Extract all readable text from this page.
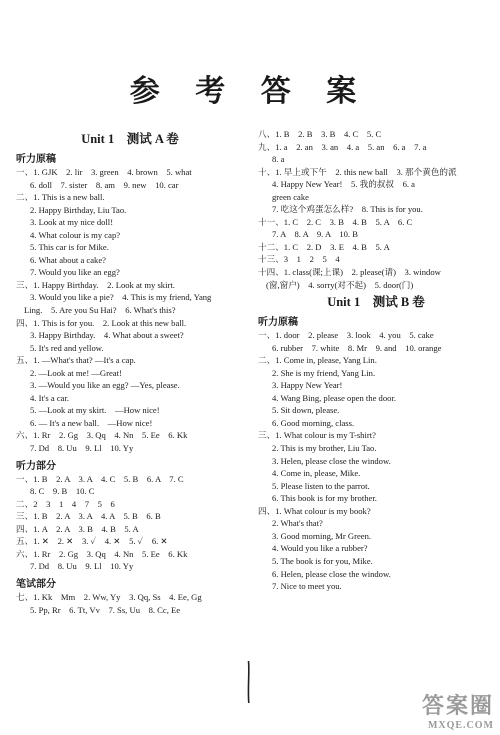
参 考 答 案
Unit 1　测试 A 卷
听力原稿
一、1. GJK　2. lir　3. green　4. brown　5. what
6. doll　7. sister　8. am　9. new　10. car
二、1. This is a new ball.
2. Happy Birthday, Liu Tao.
3. Look at my nice doll!
4. What colour is my cap?
5. This car is for Mike.
6. What about a cake?
7. Would you like an egg?
三、1. Happy Birthday.　2. Look at my skirt.
3. Would you like a pie?　4. This is my friend, Yang
Ling.　5. Are you Su Hai?　6. What's this?
四、1. This is for you.　2. Look at this new ball.
3. Happy Birthday.　4. What about a sweet?
5. It's red and yellow.
五、1. —What's that? —It's a cap.
2. —Look at me! —Great!
3. —Would you like an egg? —Yes, please.
4. It's a car.
5. —Look at my skirt.　—How nice!
6. — It's a new ball.　—How nice!
六、1. Rr　2. Gg　3. Qq　4. Nn　5. Ee　6. Kk
7. Dd　8. Uu　9. Ll　10. Yy
听力部分
一、1. B　2. A　3. A　4. C　5. B　6. A　7. C
8. C　9. B　10. C
二、2　3　1　4　7　5　6
三、1. B　2. A　3. A　4. A　5. B　6. B
四、1. A　2. A　3. B　4. B　5. A
五、1. ✕　2. ✕　3. ✓　4. ✕　5. ✓　6. ✕
六、1. Rr　2. Gg　3. Qq　4. Nn　5. Ee　6. Kk
7. Dd　8. Uu　9. Ll　10. Yy
笔试部分
七、1. Kk　Mm　2. Ww, Yy　3. Qq, Ss　4. Ee, Gg
5. Pp, Rr　6. Tt, Vv　7. Ss, Uu　8. Cc, Ee
八、1. B　2. B　3. B　4. C　5. C
九、1. a　2. an　3. an　4. a　5. an　6. a　7. a
8. a
十、1. 早上或下午　2. this new ball　3. 那个黄色的派
4. Happy New Year!　5. 我的叔叔　6. a
green cake
7. 吃这个鸡蛋怎么样?　8. This is for you.
十一、1. C　2. C　3. B　4. B　5. A　6. C
7. A　8. A　9. A　10. B
十二、1. C　2. D　3. E　4. B　5. A
十三、3　1　2　5　4
十四、1. class(课;上课)　2. please(请)　3. window
(窗,窗户)　4. sorry(对不起)　5. door(门)
Unit 1　测试 B 卷
听力原稿
一、1. door　2. please　3. look　4. you　5. cake
6. rubber　7. white　8. Mr　9. and　10. orange
二、1. Come in, please, Yang Lin.
2. She is my friend, Yang Lin.
3. Happy New Year!
4. Wang Bing, please open the door.
5. Sit down, please.
6. Good morning, class.
三、1. What colour is my T-shirt?
2. This is my brother, Liu Tao.
3. Helen, please close the window.
4. Come in, please, Mike.
5. Please listen to the parrot.
6. This book is for my brother.
四、1. What colour is my book?
2. What's that?
3. Good morning, Mr Green.
4. Would you like a rubber?
5. The book is for you, Mike.
6. Helen, please close the window.
7. Nice to meet you.
答案圈
MXQE.COM
